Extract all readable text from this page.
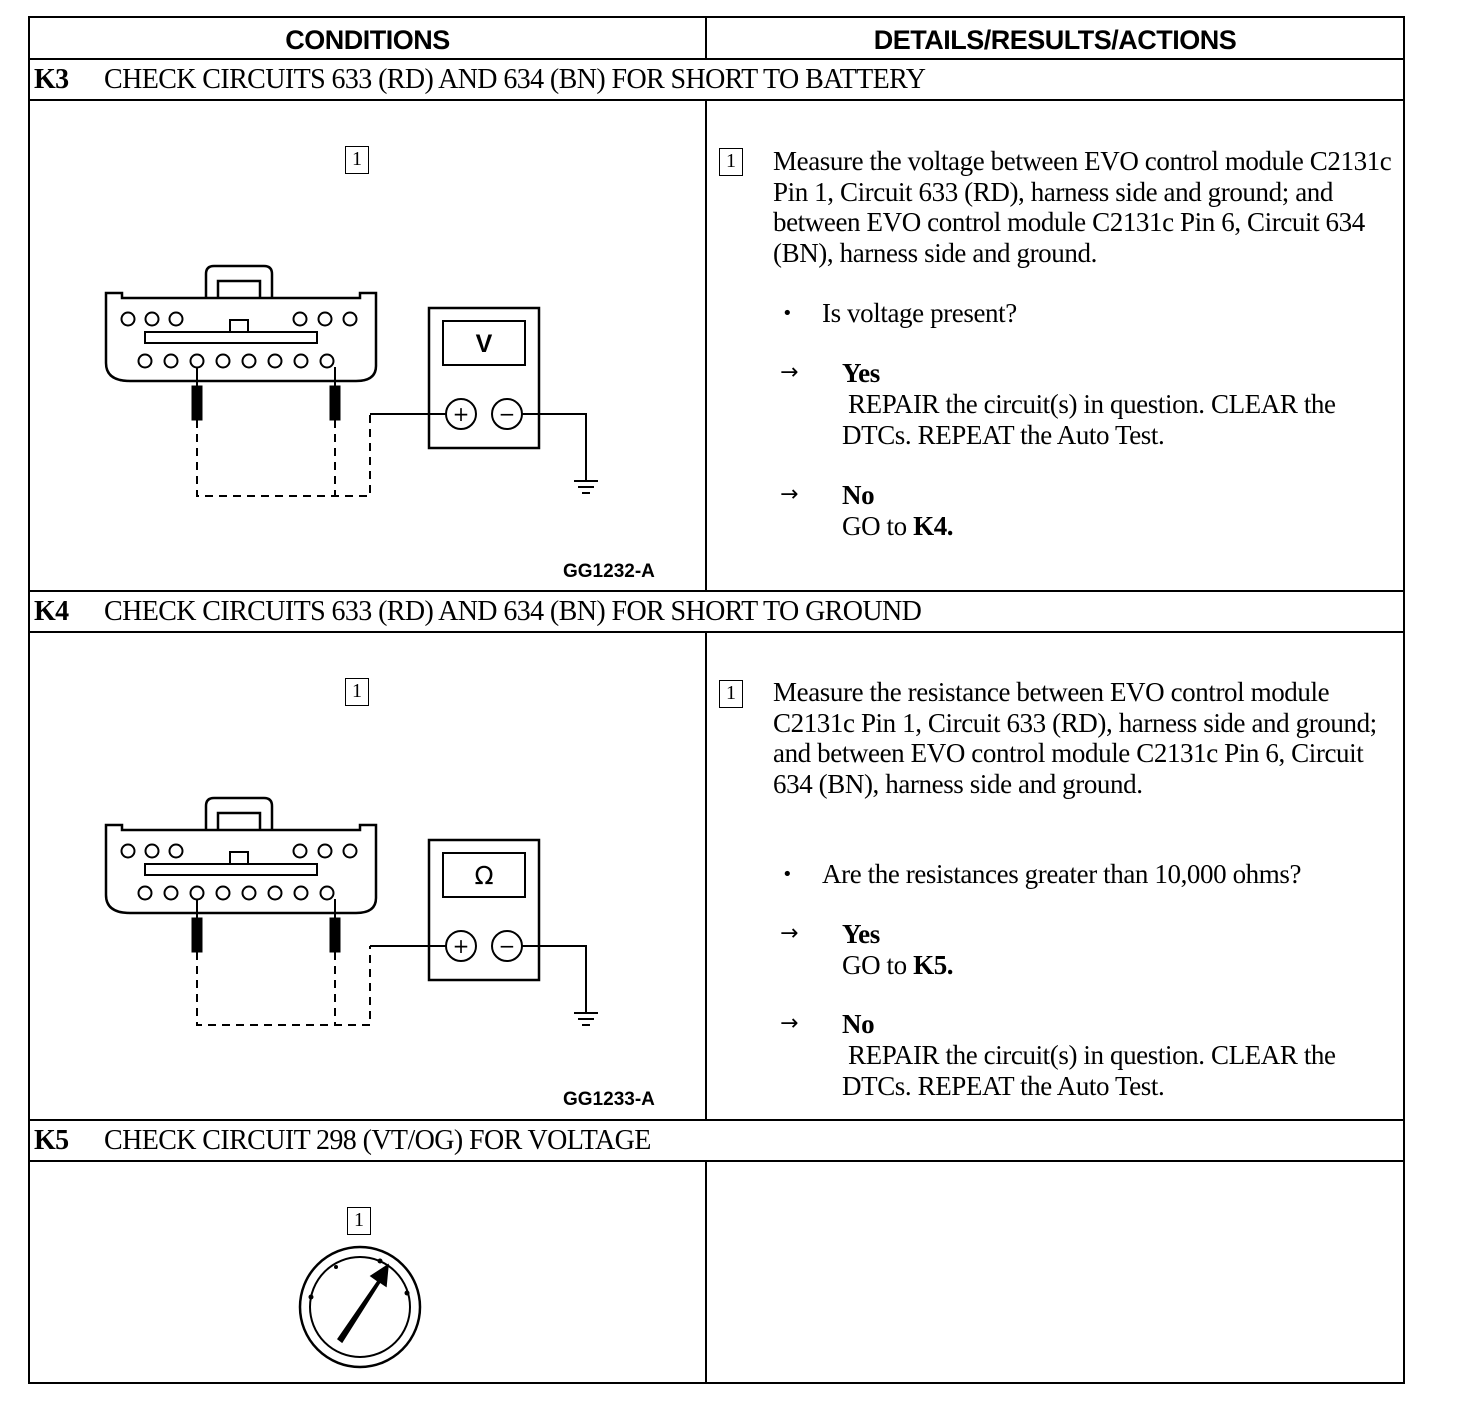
CONDITIONS	DETAILS/RESULTS/ACTIONS
K3 CHECK CIRCUITS 633 (RD) AND 634 (BN) FOR SHORT TO BATTERY
1
V
+ −
GG1232-A
1 Measure the voltage between EVO control module C2131c Pin 1, Circuit 633 (RD), harness side and ground; and between EVO control module C2131c Pin 6, Circuit 634 (BN), harness side and ground.
• Is voltage present?
→ Yes
REPAIR the circuit(s) in question. CLEAR the DTCs. REPEAT the Auto Test.
→ No
GO to K4.
K4 CHECK CIRCUITS 633 (RD) AND 634 (BN) FOR SHORT TO GROUND
1
Ω
+ −
GG1233-A
1 Measure the resistance between EVO control module C2131c Pin 1, Circuit 633 (RD), harness side and ground; and between EVO control module C2131c Pin 6, Circuit 634 (BN), harness side and ground.
• Are the resistances greater than 10,000 ohms?
→ Yes
GO to K5.
→ No
REPAIR the circuit(s) in question. CLEAR the DTCs. REPEAT the Auto Test.
K5 CHECK CIRCUIT 298 (VT/OG) FOR VOLTAGE
1
